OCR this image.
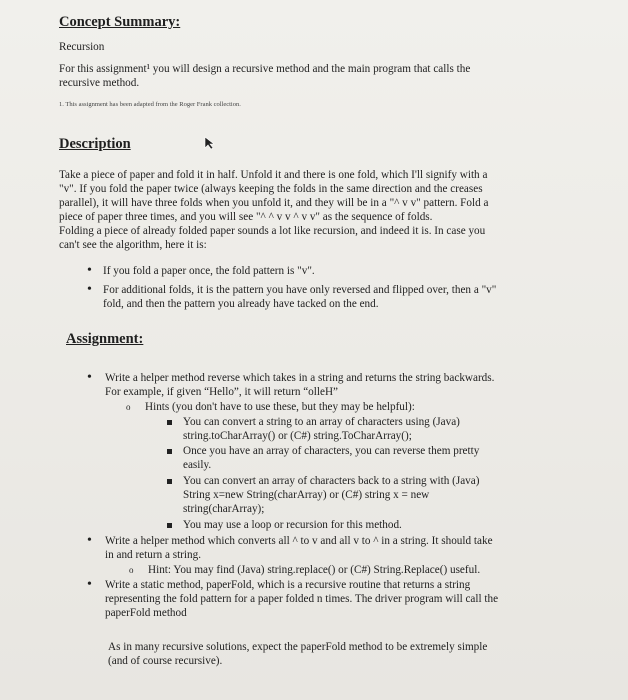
Concept Summary:
Recursion
For this assignment¹ you will design a recursive method and the main program that calls the
recursive method.
1. This assignment has been adapted from the Roger Frank collection.
Description
Take a piece of paper and fold it in half. Unfold it and there is one fold, which I'll signify with a
"v". If you fold the paper twice (always keeping the folds in the same direction and the creases
parallel), it will have three folds when you unfold it, and they will be in a "^ v v" pattern. Fold a
piece of paper three times, and you will see "^ ^ v v ^ v v" as the sequence of folds.
Folding a piece of already folded paper sounds a lot like recursion, and indeed it is. In case you
can't see the algorithm, here it is:
• If you fold a paper once, the fold pattern is "v".
• For additional folds, it is the pattern you have only reversed and flipped over, then a "v"
fold, and then the pattern you already have tacked on the end.
Assignment:
• Write a helper method reverse which takes in a string and returns the string backwards.
For example, if given “Hello”, it will return “olleH”
o Hints (you don't have to use these, but they may be helpful):
You can convert a string to an array of characters using (Java)
string.toCharArray() or (C#) string.ToCharArray();
Once you have an array of characters, you can reverse them pretty
easily.
You can convert an array of characters back to a string with (Java)
String x=new String(charArray) or (C#) string x = new
string(charArray);
You may use a loop or recursion for this method.
• Write a helper method which converts all ^ to v and all v to ^ in a string. It should take
in and return a string.
o Hint: You may find (Java) string.replace() or (C#) String.Replace() useful.
• Write a static method, paperFold, which is a recursive routine that returns a string
representing the fold pattern for a paper folded n times. The driver program will call the
paperFold method
As in many recursive solutions, expect the paperFold method to be extremely simple
(and of course recursive).
